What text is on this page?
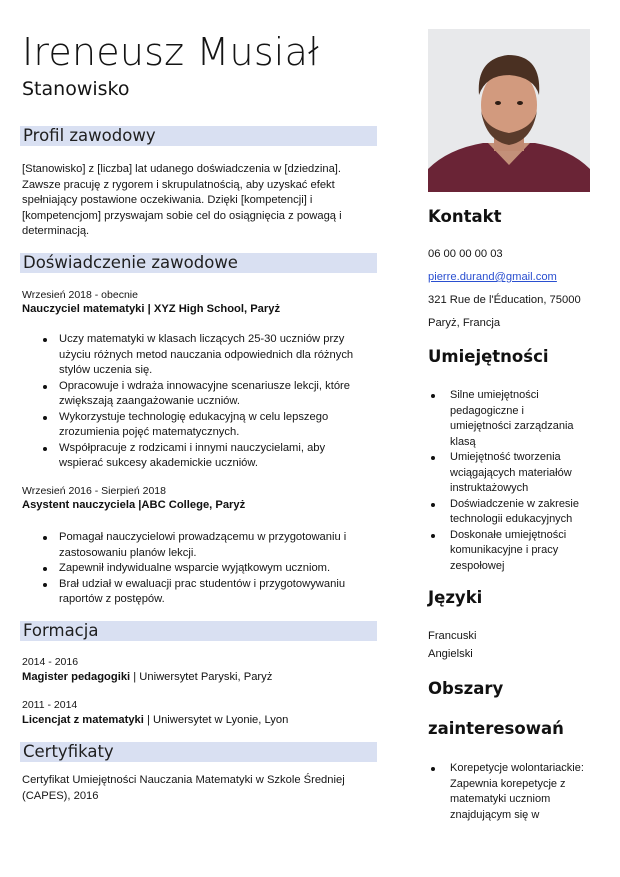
Ireneusz Musiał
Stanowisko
Profil zawodowy
[Stanowisko] z [liczba] lat udanego doświadczenia w [dziedzina]. Zawsze pracuję z rygorem i skrupulatnością, aby uzyskać efekt spełniający postawione oczekiwania. Dzięki [kompetencji] i [kompetencjom] przyswajam sobie cel do osiągnięcia z powagą i determinacją.
Doświadczenie zawodowe
Wrzesień 2018 - obecnie
Nauczyciel matematyki | XYZ High School, Paryż
Uczy matematyki w klasach liczących 25-30 uczniów przy użyciu różnych metod nauczania odpowiednich dla różnych stylów uczenia się.
Opracowuje i wdraża innowacyjne scenariusze lekcji, które zwiększają zaangażowanie uczniów.
Wykorzystuje technologię edukacyjną w celu lepszego zrozumienia pojęć matematycznych.
Współpracuje z rodzicami i innymi nauczycielami, aby wspierać sukcesy akademickie uczniów.
Wrzesień 2016 - Sierpień 2018
Asystent nauczyciela |ABC College, Paryż
Pomagał nauczycielowi prowadzącemu w przygotowaniu i zastosowaniu planów lekcji.
Zapewnił indywidualne wsparcie wyjątkowym uczniom.
Brał udział w ewaluacji prac studentów i przygotowywaniu raportów z postępów.
Formacja
2014 - 2016
Magister pedagogiki | Uniwersytet Paryski, Paryż
2011 - 2014
Licencjat z matematyki | Uniwersytet w Lyonie, Lyon
Certyfikaty
Certyfikat Umiejętności Nauczania Matematyki w Szkole Średniej (CAPES), 2016
Kontakt
06 00 00 00 03
pierre.durand@gmail.com
321 Rue de l'Éducation, 75000
Paryż, Francja
Umiejętności
Silne umiejętności pedagogiczne i umiejętności zarządzania klasą
Umiejętność tworzenia wciągających materiałów instruktażowych
Doświadczenie w zakresie technologii edukacyjnych
Doskonałe umiejętności komunikacyjne i pracy zespołowej
Języki
Francuski
Angielski
Obszary
zainteresowań
Korepetycje wolontariackie: Zapewnia korepetycje z matematyki uczniom znajdującym się w
